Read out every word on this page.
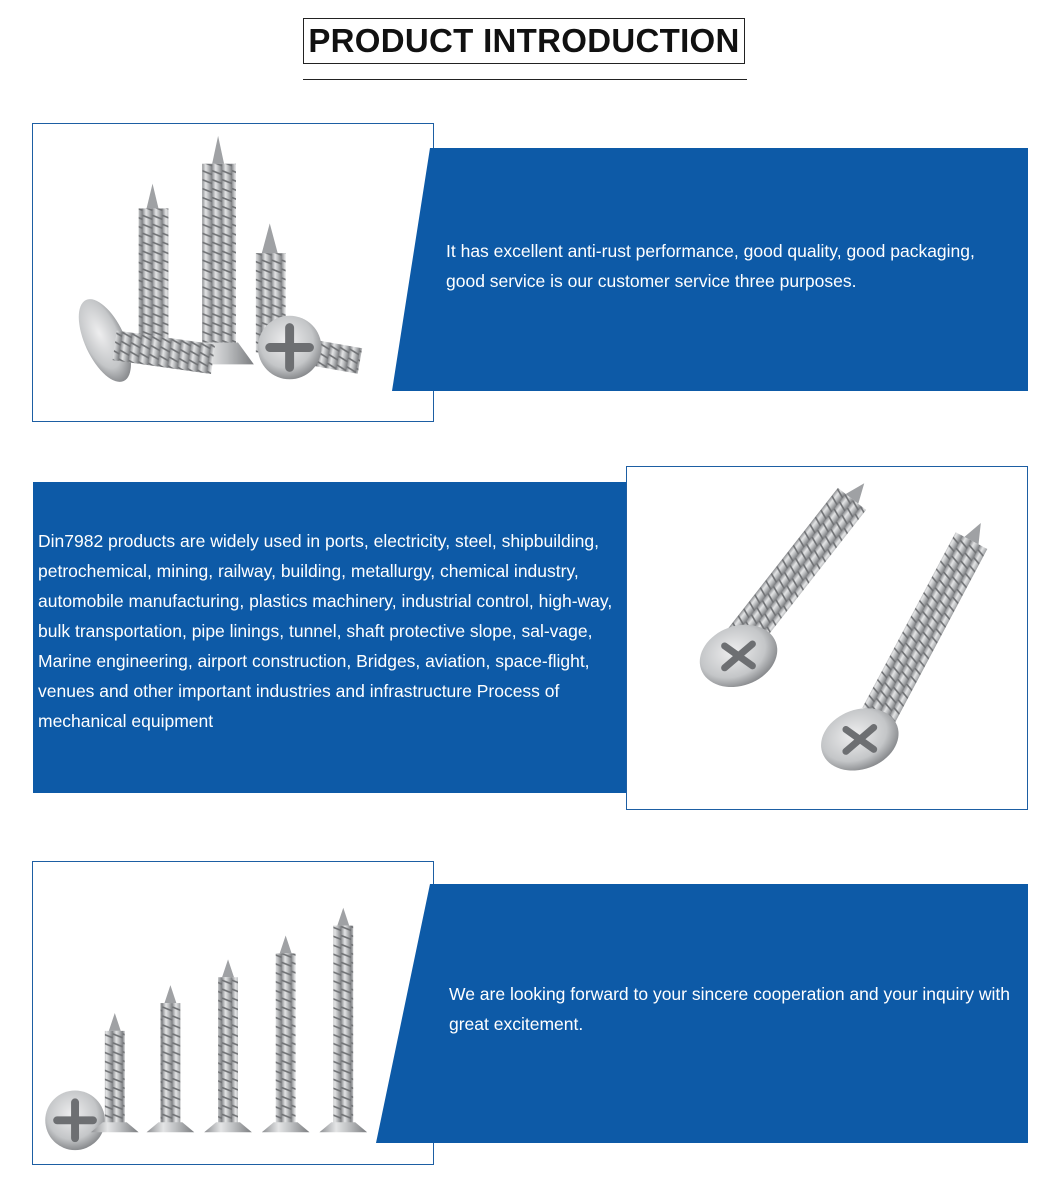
PRODUCT INTRODUCTION
It has excellent anti-rust performance, good quality, good packaging, good service is our customer service three purposes.
Din7982 products are widely used in ports, electricity, steel, shipbuilding, petrochemical, mining, railway, building, metallurgy, chemical industry, automobile manufacturing, plastics machinery, industrial control, high-way, bulk transportation, pipe linings, tunnel, shaft protective slope, sal-vage, Marine engineering, airport construction, Bridges, aviation, space-flight, venues and other important industries and infrastructure Process of mechanical equipment
We are looking forward to your sincere cooperation and your inquiry with great excitement.
